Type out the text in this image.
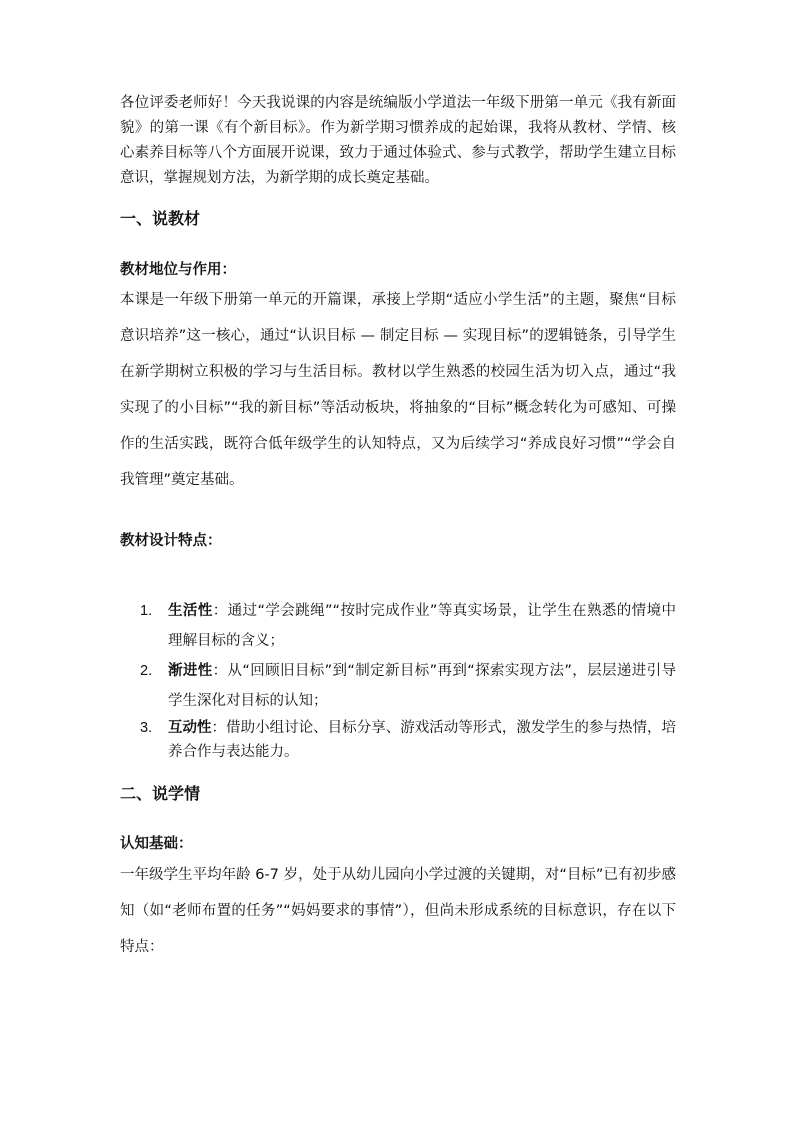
各位评委老师好！今天我说课的内容是统编版小学道法一年级下册第一单元《我有新面貌》的第一课《有个新目标》。作为新学期习惯养成的起始课，我将从教材、学情、核心素养目标等八个方面展开说课，致力于通过体验式、参与式教学，帮助学生建立目标意识，掌握规划方法，为新学期的成长奠定基础。

一、说教材
教材地位与作用：

本课是一年级下册第一单元的开篇课，承接上学期“适应小学生活”的主题，聚焦“目标意识培养”这一核心，通过“认识目标 — 制定目标 — 实现目标”的逻辑链条，引导学生在新学期树立积极的学习与生活目标。教材以学生熟悉的校园生活为切入点，通过“我实现了的小目标”“我的新目标”等活动板块，将抽象的“目标”概念转化为可感知、可操作的生活实践，既符合低年级学生的认知特点，又为后续学习“养成良好习惯”“学会自我管理”奠定基础。

教材设计特点：
1. 生活性：通过“学会跳绳”“按时完成作业”等真实场景，让学生在熟悉的情境中理解目标的含义；
2. 渐进性：从“回顾旧目标”到“制定新目标”再到“探索实现方法”，层层递进引导学生深化对目标的认知；
3. 互动性：借助小组讨论、目标分享、游戏活动等形式，激发学生的参与热情，培养合作与表达能力。
二、说学情
认知基础：

一年级学生平均年龄 6-7 岁，处于从幼儿园向小学过渡的关键期，对“目标”已有初步感知（如“老师布置的任务”“妈妈要求的事情”），但尚未形成系统的目标意识，存在以下特点：
